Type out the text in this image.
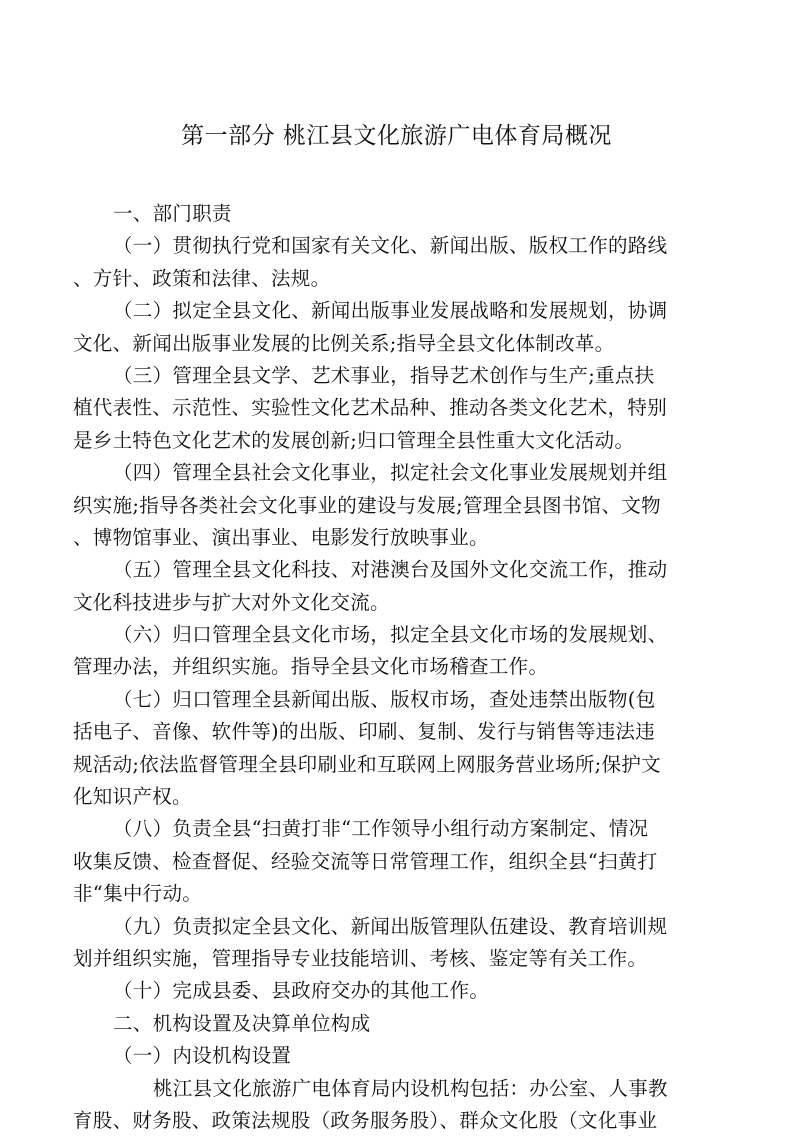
第一部分 桃江县文化旅游广电体育局概况
一、部门职责
（一）贯彻执行党和国家有关文化、新闻出版、版权工作的路线
、方针、政策和法律、法规。
（二）拟定全县文化、新闻出版事业发展战略和发展规划，协调
文化、新闻出版事业发展的比例关系;指导全县文化体制改革。
（三）管理全县文学、艺术事业，指导艺术创作与生产;重点扶
植代表性、示范性、实验性文化艺术品种、推动各类文化艺术，特别
是乡土特色文化艺术的发展创新;归口管理全县性重大文化活动。
（四）管理全县社会文化事业，拟定社会文化事业发展规划并组
织实施;指导各类社会文化事业的建设与发展;管理全县图书馆、文物
、博物馆事业、演出事业、电影发行放映事业。
（五）管理全县文化科技、对港澳台及国外文化交流工作，推动
文化科技进步与扩大对外文化交流。
（六）归口管理全县文化市场，拟定全县文化市场的发展规划、
管理办法，并组织实施。指导全县文化市场稽查工作。
（七）归口管理全县新闻出版、版权市场，查处违禁出版物(包
括电子、音像、软件等)的出版、印刷、复制、发行与销售等违法违
规活动;依法监督管理全县印刷业和互联网上网服务营业场所;保护文
化知识产权。
（八）负责全县“扫黄打非“工作领导小组行动方案制定、情况
收集反馈、检查督促、经验交流等日常管理工作，组织全县“扫黄打
非“集中行动。
（九）负责拟定全县文化、新闻出版管理队伍建设、教育培训规
划并组织实施，管理指导专业技能培训、考核、鉴定等有关工作。
（十）完成县委、县政府交办的其他工作。
二、机构设置及决算单位构成
（一）内设机构设置
桃江县文化旅游广电体育局内设机构包括：办公室、人事教
育股、财务股、政策法规股（政务服务股）、群众文化股（文化事业
